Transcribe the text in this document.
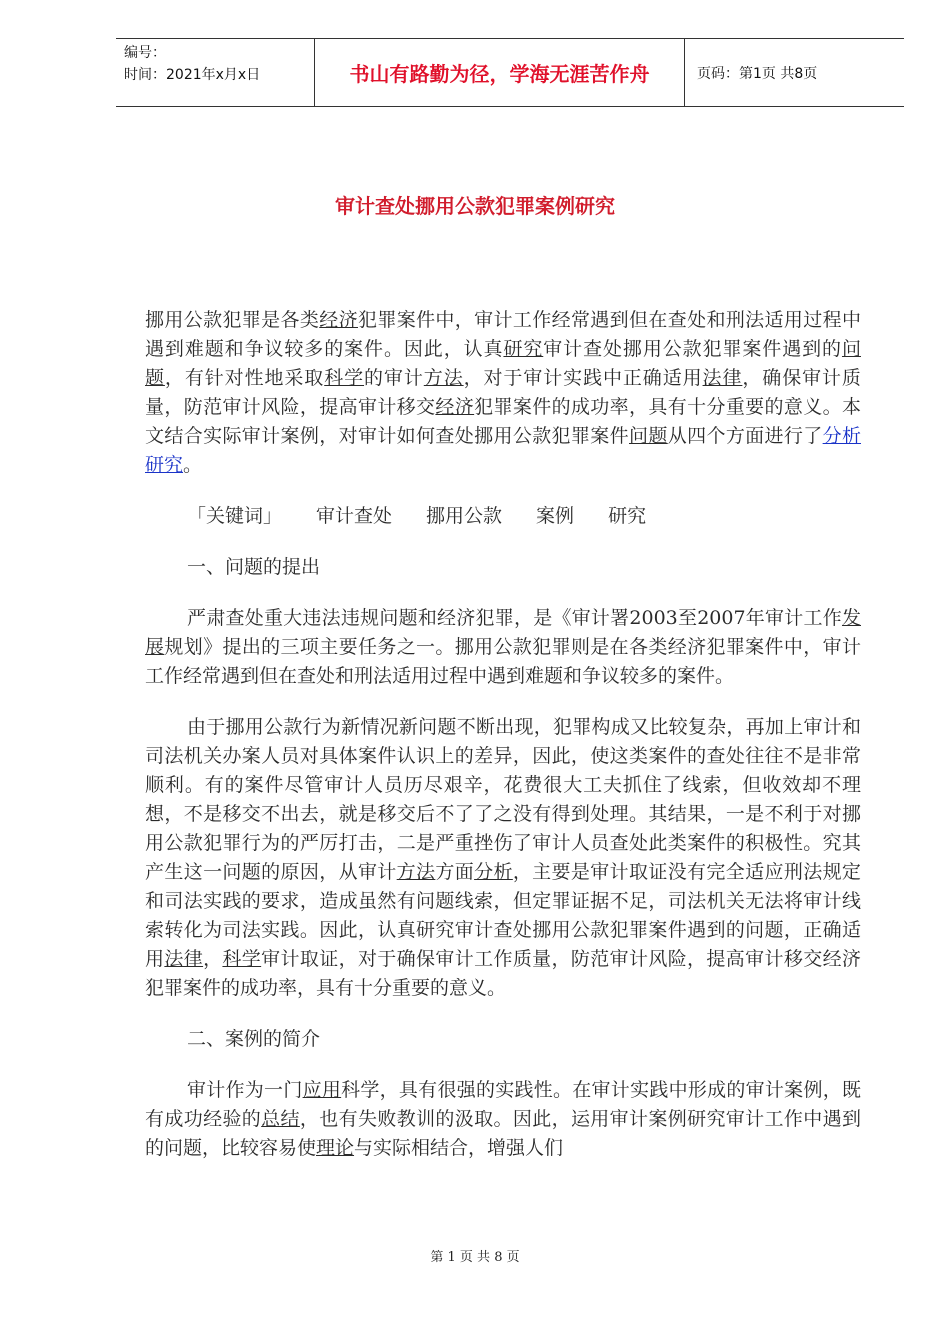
编号：
时间：2021年x月x日	书山有路勤为径，学海无涯苦作舟	页码：第1页 共8页
审计查处挪用公款犯罪案例研究

挪用公款犯罪是各类经济犯罪案件中，审计工作经常遇到但在查处和刑法适用过程中遇到难题和争议较多的案件。因此，认真研究审计查处挪用公款犯罪案件遇到的问题，有针对性地采取科学的审计方法，对于审计实践中正确适用法律，确保审计质量，防范审计风险，提高审计移交经济犯罪案件的成功率，具有十分重要的意义。本文结合实际审计案例，对审计如何查处挪用公款犯罪案件问题从四个方面进行了分析研究。

「关键词」 审计查处 挪用公款 案例 研究

一、问题的提出

严肃查处重大违法违规问题和经济犯罪，是《审计署2003至2007年审计工作发展规划》提出的三项主要任务之一。挪用公款犯罪则是在各类经济犯罪案件中，审计工作经常遇到但在查处和刑法适用过程中遇到难题和争议较多的案件。

由于挪用公款行为新情况新问题不断出现，犯罪构成又比较复杂，再加上审计和司法机关办案人员对具体案件认识上的差异，因此，使这类案件的查处往往不是非常顺利。有的案件尽管审计人员历尽艰辛，花费很大工夫抓住了线索，但收效却不理想，不是移交不出去，就是移交后不了了之没有得到处理。其结果，一是不利于对挪用公款犯罪行为的严厉打击，二是严重挫伤了审计人员查处此类案件的积极性。究其产生这一问题的原因，从审计方法方面分析，主要是审计取证没有完全适应刑法规定和司法实践的要求，造成虽然有问题线索，但定罪证据不足，司法机关无法将审计线索转化为司法实践。因此，认真研究审计查处挪用公款犯罪案件遇到的问题，正确适用法律，科学审计取证，对于确保审计工作质量，防范审计风险，提高审计移交经济犯罪案件的成功率，具有十分重要的意义。

二、案例的简介

审计作为一门应用科学，具有很强的实践性。在审计实践中形成的审计案例，既有成功经验的总结，也有失败教训的汲取。因此，运用审计案例研究审计工作中遇到的问题，比较容易使理论与实际相结合，增强人们

第 1 页 共 8 页
